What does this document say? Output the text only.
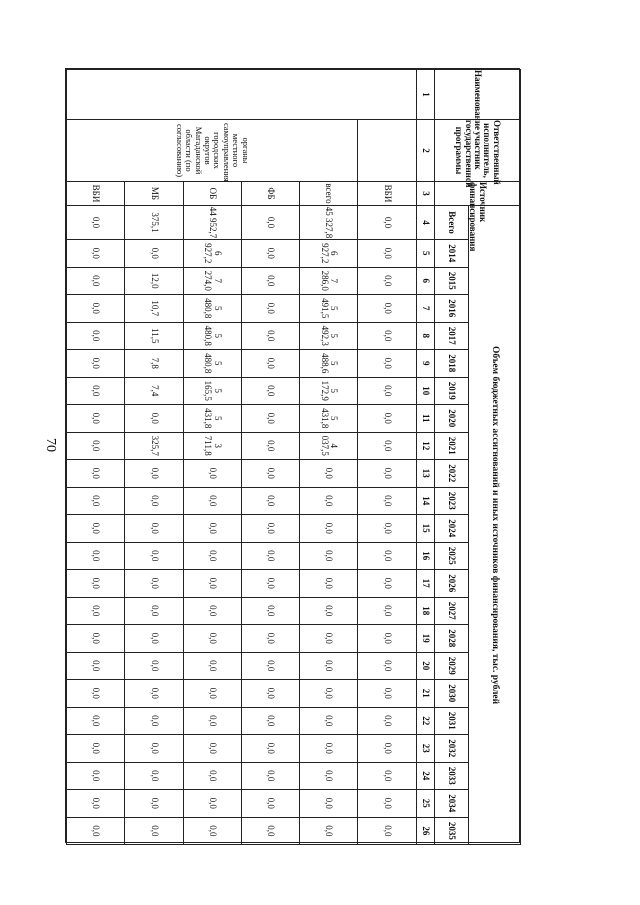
70
Наименование	Ответственный исполнитель, участник государственной программы	Источник финансирования	Объем бюджетных ассигнований и иных источников финансирования, тыс. рублей																						
			Всего	2014	2015	2016	2017	2018	2019	2020	2021	2022	2023	2024	2025	2026	2027	2028	2029	2030	2031	2032	2033	2034	2035
1	2	3	4	5	6	7	8	9	10	11	12	13	14	15	16	17	18	19	20	21	22	23	24	25	26
		ВБИ	0,0	0,0	0,0	0,0	0,0	0,0	0,0	0,0	0,0	0,0	0,0	0,0	0,0	0,0	0,0	0,0	0,0	0,0	0,0	0,0	0,0	0,0	0,0
	органы местного самоуправления городских округов Магаданской области (по согласованию)	всего	45 327,8	6 927,2	7 286,0	5 491,5	5 492,3	5 488,6	5 172,9	5 431,8	4 037,5	0,0	0,0	0,0	0,0	0,0	0,0	0,0	0,0	0,0	0,0	0,0	0,0	0,0	0,0
		ФБ	0,0	0,0	0,0	0,0	0,0	0,0	0,0	0,0	0,0	0,0	0,0	0,0	0,0	0,0	0,0	0,0	0,0	0,0	0,0	0,0	0,0	0,0	0,0
		ОБ	44 952,7	6 927,2	7 274,0	5 480,8	5 480,8	5 480,8	5 165,5	5 431,8	3 711,8	0,0	0,0	0,0	0,0	0,0	0,0	0,0	0,0	0,0	0,0	0,0	0,0	0,0	0,0
		МБ	375,1	0,0	12,0	10,7	11,5	7,8	7,4	0,0	325,7	0,0	0,0	0,0	0,0	0,0	0,0	0,0	0,0	0,0	0,0	0,0	0,0	0,0	0,0
		ВБИ	0,0	0,0	0,0	0,0	0,0	0,0	0,0	0,0	0,0	0,0	0,0	0,0	0,0	0,0	0,0	0,0	0,0	0,0	0,0	0,0	0,0	0,0	0,0
